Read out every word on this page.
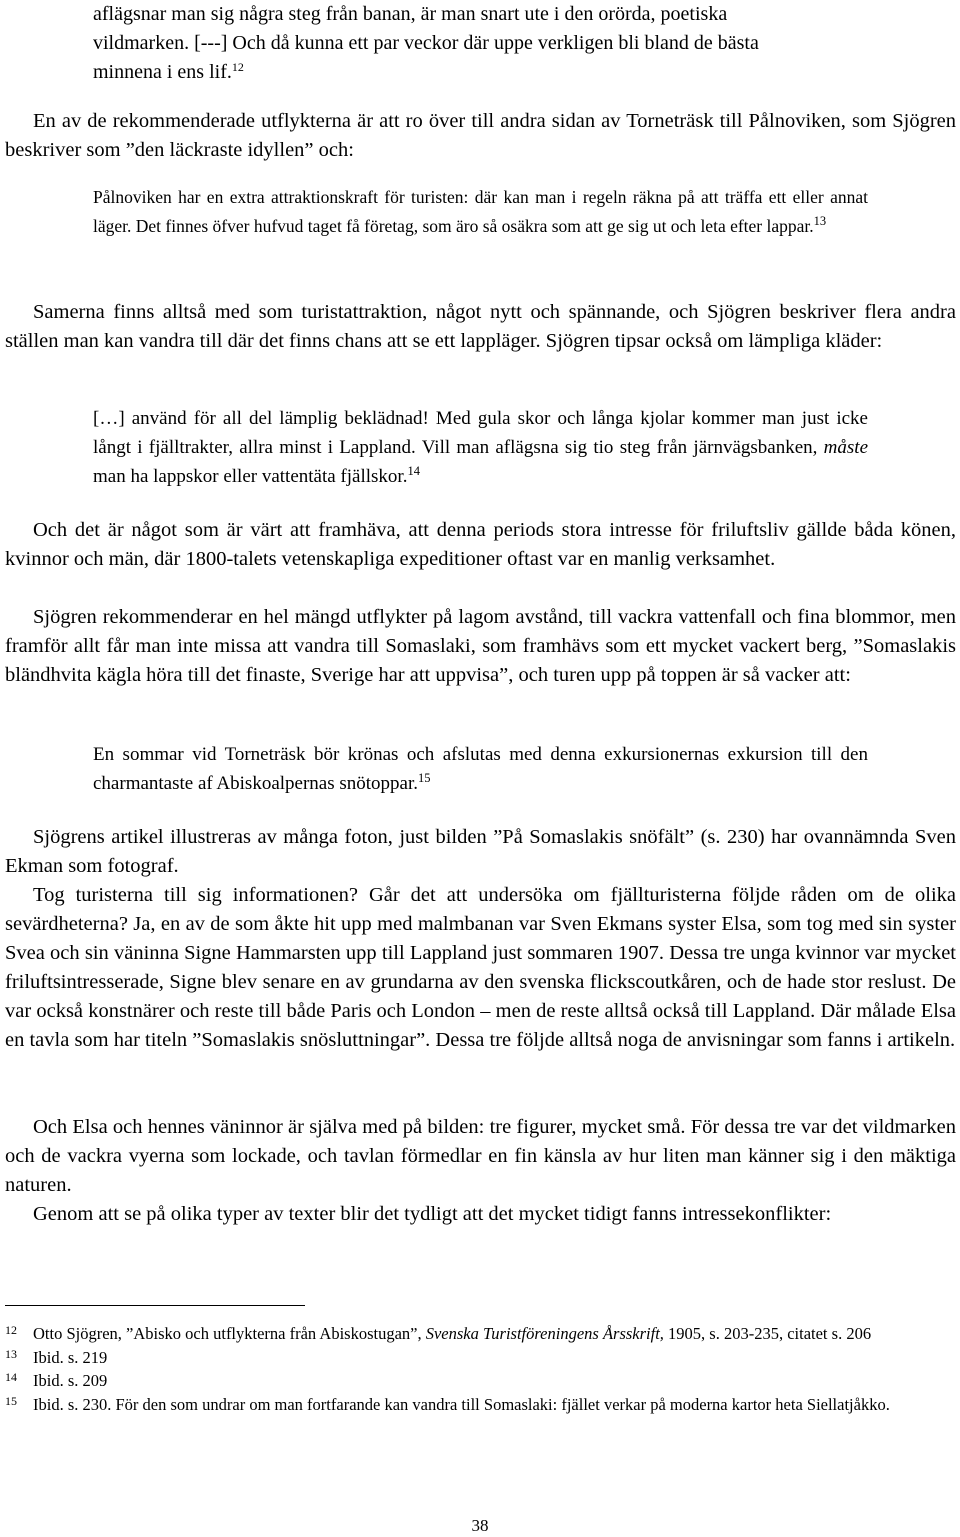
aflägsnar man sig några steg från banan, är man snart ute i den orörda, poetiska
vildmarken. [---] Och då kunna ett par veckor där uppe verkligen bli bland de bästa
minnena i ens lif.$^{12}$

En av de rekommenderade utflykterna är att ro över till andra sidan av Torneträsk till Pålnoviken, som Sjögren beskriver som ”den läckraste idyllen” och:

Pålnoviken har en extra attraktionskraft för turisten: där kan man i regeln räkna på att träffa ett eller annat läger. Det finnes öfver hufvud taget få företag, som äro så osäkra som att ge sig ut och leta efter lappar.$^{13}$

Samerna finns alltså med som turistattraktion, något nytt och spännande, och Sjögren beskriver flera andra ställen man kan vandra till där det finns chans att se ett lappläger. Sjögren tipsar också om lämpliga kläder:

[…] använd för all del lämplig beklädnad! Med gula skor och långa kjolar kommer man just icke långt i fjälltrakter, allra minst i Lappland. Vill man aflägsna sig tio steg från järnvägsbanken, måste man ha lappskor eller vattentäta fjällskor.$^{14}$

Och det är något som är värt att framhäva, att denna periods stora intresse för friluftsliv gällde båda könen, kvinnor och män, där 1800-talets vetenskapliga expeditioner oftast var en manlig verksamhet.

Sjögren rekommenderar en hel mängd utflykter på lagom avstånd, till vackra vattenfall och fina blommor, men framför allt får man inte missa att vandra till Somaslaki, som framhävs som ett mycket vackert berg, ”Somaslakis bländhvita kägla höra till det finaste, Sverige har att uppvisa”, och turen upp på toppen är så vacker att:

En sommar vid Torneträsk bör krönas och afslutas med denna exkursionernas exkursion till den charmantaste af Abiskoalpernas snötoppar.$^{15}$

Sjögrens artikel illustreras av många foton, just bilden ”På Somaslakis snöfält” (s. 230) har ovannämnda Sven Ekman som fotograf.

Tog turisterna till sig informationen? Går det att undersöka om fjällturisterna följde råden om de olika sevärdheterna? Ja, en av de som åkte hit upp med malmbanan var Sven Ekmans syster Elsa, som tog med sin syster Svea och sin väninna Signe Hammarsten upp till Lappland just sommaren 1907. Dessa tre unga kvinnor var mycket friluftsintresserade, Signe blev senare en av grundarna av den svenska flickscoutkåren, och de hade stor reslust. De var också konstnärer och reste till både Paris och London – men de reste alltså också till Lappland. Där målade Elsa en tavla som har titeln ”Somaslakis snösluttningar”. Dessa tre följde alltså noga de anvisningar som fanns i artikeln.

Och Elsa och hennes väninnor är själva med på bilden: tre figurer, mycket små. För dessa tre var det vildmarken och de vackra vyerna som lockade, och tavlan förmedlar en fin känsla av hur liten man känner sig i den mäktiga naturen.

Genom att se på olika typer av texter blir det tydligt att det mycket tidigt fanns intressekonflikter:

12 Otto Sjögren, ”Abisko och utflykterna från Abiskostugan”, Svenska Turistföreningens Årsskrift, 1905, s. 203-235, citatet s. 206
13 Ibid. s. 219
14 Ibid. s. 209
15 Ibid. s. 230. För den som undrar om man fortfarande kan vandra till Somaslaki: fjället verkar på moderna kartor heta Siellatjåkko.
38
